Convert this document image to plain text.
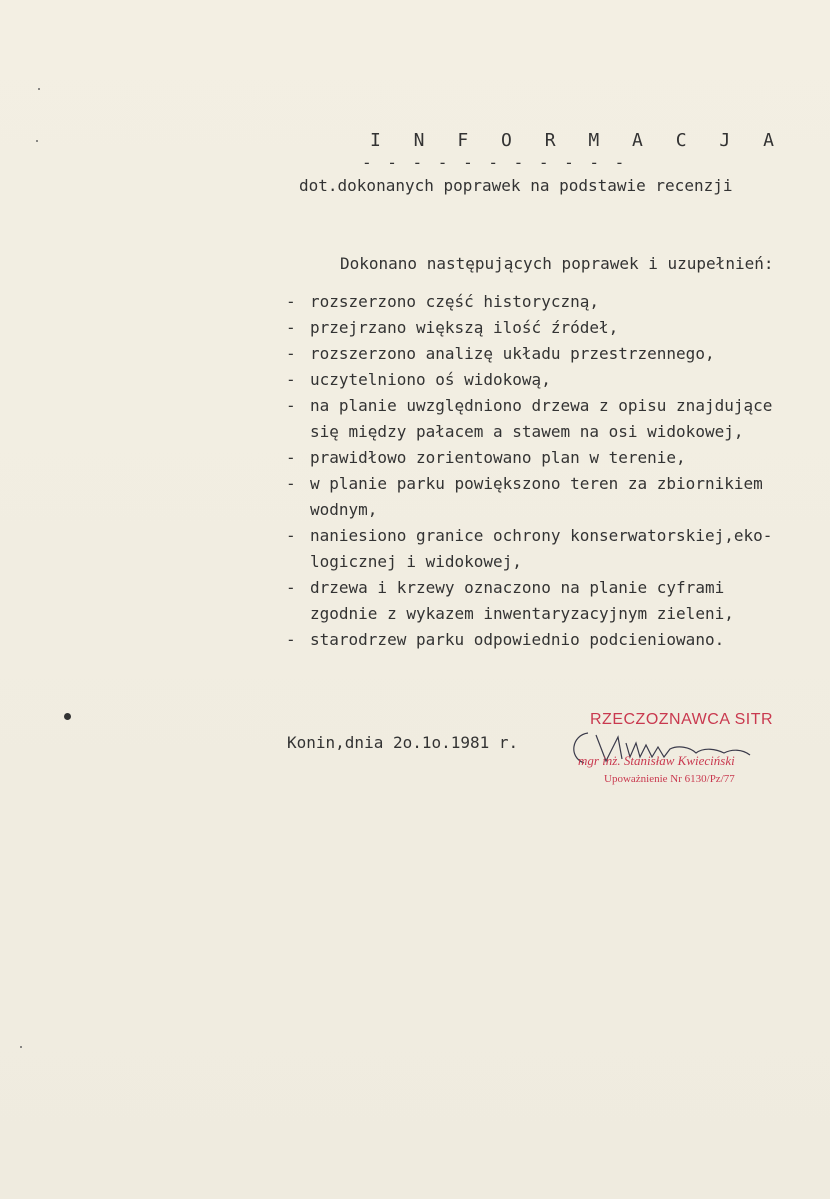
I N F O R M A C J A
- - - - - - - - - - -
dot.dokonanych poprawek na podstawie recenzji
Dokonano następujących poprawek i uzupełnień:
- rozszerzono część historyczną,
- przejrzano większą ilość źródeł,
- rozszerzono analizę układu przestrzennego,
- uczytelniono oś widokową,
- na planie uwzględniono drzewa z opisu znajdujące
się między pałacem a stawem na osi widokowej,
- prawidłowo zorientowano plan w terenie,
- w planie parku powiększono teren za zbiornikiem
wodnym,
- naniesiono granice ochrony konserwatorskiej,eko-
logicznej i widokowej,
- drzewa i krzewy oznaczono na planie cyframi
zgodnie z wykazem inwentaryzacyjnym zieleni,
- starodrzew parku odpowiednio podcieniowano.
Konin,dnia 2o.1o.1981 r.
RZECZOZNAWCA SITR
mgr inż. Stanisław Kwieciński
Upoważnienie Nr 6130/Pz/77
